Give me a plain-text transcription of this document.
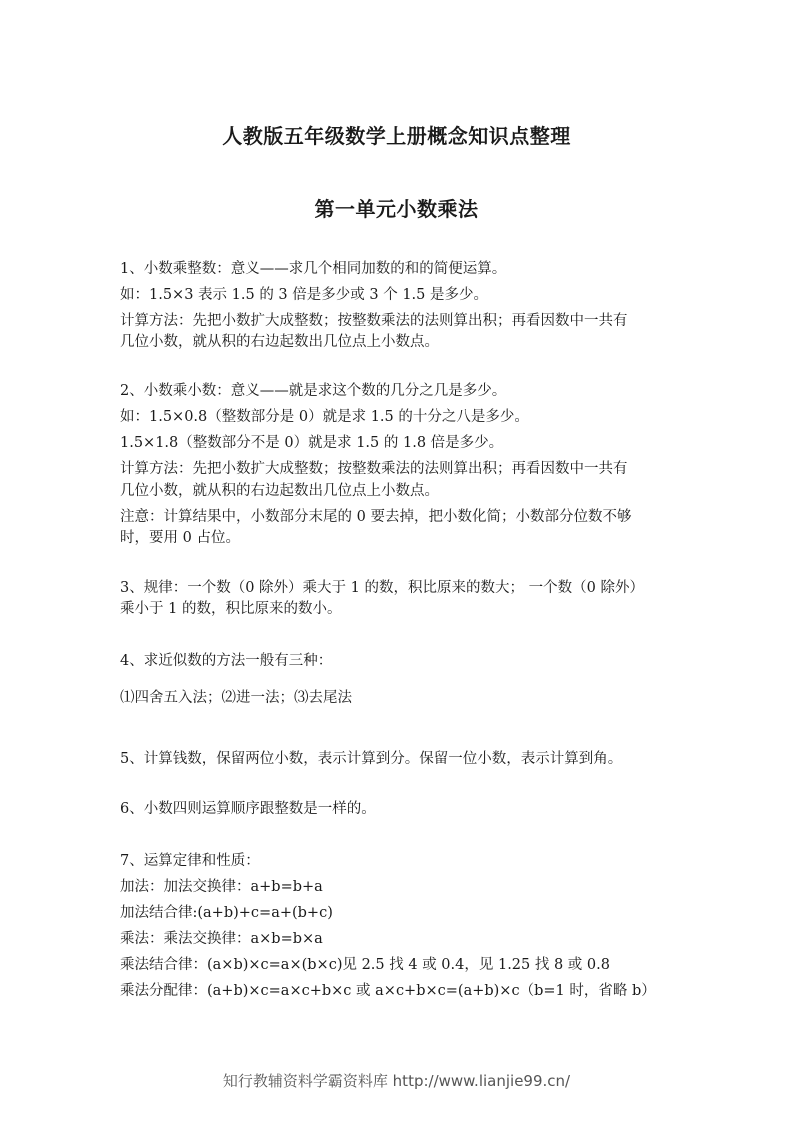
人教版五年级数学上册概念知识点整理
第一单元小数乘法
1、小数乘整数：意义——求几个相同加数的和的简便运算。
如：1.5×3 表示 1.5 的 3 倍是多少或 3 个 1.5 是多少。
计算方法：先把小数扩大成整数；按整数乘法的法则算出积；再看因数中一共有
几位小数，就从积的右边起数出几位点上小数点。
2、小数乘小数：意义——就是求这个数的几分之几是多少。
如：1.5×0.8（整数部分是 0）就是求 1.5 的十分之八是多少。
1.5×1.8（整数部分不是 0）就是求 1.5 的 1.8 倍是多少。
计算方法：先把小数扩大成整数；按整数乘法的法则算出积；再看因数中一共有
几位小数，就从积的右边起数出几位点上小数点。
注意：计算结果中，小数部分末尾的 0 要去掉，把小数化简；小数部分位数不够
时，要用 0 占位。
3、规律：一个数（0 除外）乘大于 1 的数，积比原来的数大； 一个数（0 除外）
乘小于 1 的数，积比原来的数小。
4、求近似数的方法一般有三种：
⑴四舍五入法；⑵进一法；⑶去尾法
5、计算钱数，保留两位小数，表示计算到分。保留一位小数，表示计算到角。
6、小数四则运算顺序跟整数是一样的。
7、运算定律和性质：
加法：加法交换律：a+b=b+a
加法结合律:(a+b)+c=a+(b+c)
乘法：乘法交换律：a×b=b×a
乘法结合律：(a×b)×c=a×(b×c)见 2.5 找 4 或 0.4，见 1.25 找 8 或 0.8
乘法分配律：(a+b)×c=a×c+b×c 或 a×c+b×c=(a+b)×c（b=1 时，省略 b）
知行教辅资料学霸资料库 http://www.lianjie99.cn/
